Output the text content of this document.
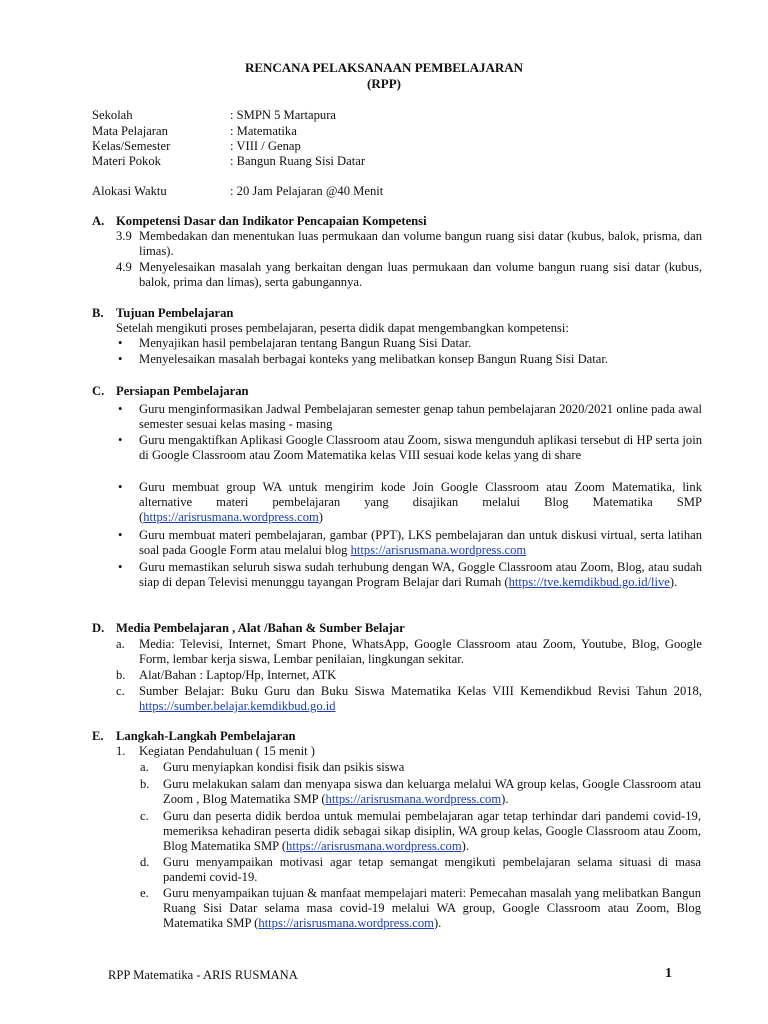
RENCANA PELAKSANAAN PEMBELAJARAN
(RPP)
Sekolah	: SMPN 5 Martapura
Mata Pelajaran	: Matematika
Kelas/Semester	: VIII / Genap
Materi Pokok	: Bangun Ruang Sisi Datar
Alokasi Waktu	: 20 Jam Pelajaran @40 Menit
A. Kompetensi Dasar dan Indikator Pencapaian Kompetensi
3.9 Membedakan dan menentukan luas permukaan dan volume bangun ruang sisi datar (kubus, balok, prisma, dan limas).
4.9 Menyelesaikan masalah yang berkaitan dengan luas permukaan dan volume bangun ruang sisi datar (kubus, balok, prima dan limas), serta gabungannya.
B. Tujuan Pembelajaran
Setelah mengikuti proses pembelajaran, peserta didik dapat mengembangkan kompetensi:
• Menyajikan hasil pembelajaran tentang Bangun Ruang Sisi Datar.
• Menyelesaikan masalah berbagai konteks yang melibatkan konsep Bangun Ruang Sisi Datar.
C. Persiapan Pembelajaran
• Guru menginformasikan Jadwal Pembelajaran semester genap tahun pembelajaran 2020/2021 online pada awal semester sesuai kelas masing - masing
• Guru mengaktifkan Aplikasi Google Classroom atau Zoom, siswa mengunduh aplikasi tersebut di HP serta join di Google Classroom atau Zoom Matematika kelas VIII sesuai kode kelas yang di share
• Guru membuat group WA untuk mengirim kode Join Google Classroom atau Zoom Matematika, link alternative materi pembelajaran yang disajikan melalui Blog Matematika SMP (https://arisrusmana.wordpress.com)
• Guru membuat materi pembelajaran, gambar (PPT), LKS pembelajaran dan untuk diskusi virtual, serta latihan soal pada Google Form atau melalui blog https://arisrusmana.wordpress.com
• Guru memastikan seluruh siswa sudah terhubung dengan WA, Goggle Classroom atau Zoom, Blog, atau sudah siap di depan Televisi menunggu tayangan Program Belajar dari Rumah (https://tve.kemdikbud.go.id/live).
D. Media Pembelajaran , Alat /Bahan & Sumber Belajar
a. Media: Televisi, Internet, Smart Phone, WhatsApp, Google Classroom atau Zoom, Youtube, Blog, Google Form, lembar kerja siswa, Lembar penilaian, lingkungan sekitar.
b. Alat/Bahan : Laptop/Hp, Internet, ATK
c. Sumber Belajar: Buku Guru dan Buku Siswa Matematika Kelas VIII Kemendikbud Revisi Tahun 2018, https://sumber.belajar.kemdikbud.go.id
E. Langkah-Langkah Pembelajaran
1. Kegiatan Pendahuluan ( 15 menit )
a. Guru menyiapkan kondisi fisik dan psikis siswa
b. Guru melakukan salam dan menyapa siswa dan keluarga melalui WA group kelas, Google Classroom atau Zoom , Blog Matematika SMP (https://arisrusmana.wordpress.com).
c. Guru dan peserta didik berdoa untuk memulai pembelajaran agar tetap terhindar dari pandemi covid-19, memeriksa kehadiran peserta didik sebagai sikap disiplin, WA group kelas, Google Classroom atau Zoom, Blog Matematika SMP (https://arisrusmana.wordpress.com).
d. Guru menyampaikan motivasi agar tetap semangat mengikuti pembelajaran selama situasi di masa pandemi covid-19.
e. Guru menyampaikan tujuan & manfaat mempelajari materi: Pemecahan masalah yang melibatkan Bangun Ruang Sisi Datar selama masa covid-19 melalui WA group, Google Classroom atau Zoom, Blog Matematika SMP (https://arisrusmana.wordpress.com).
RPP Matematika - ARIS RUSMANA	1
